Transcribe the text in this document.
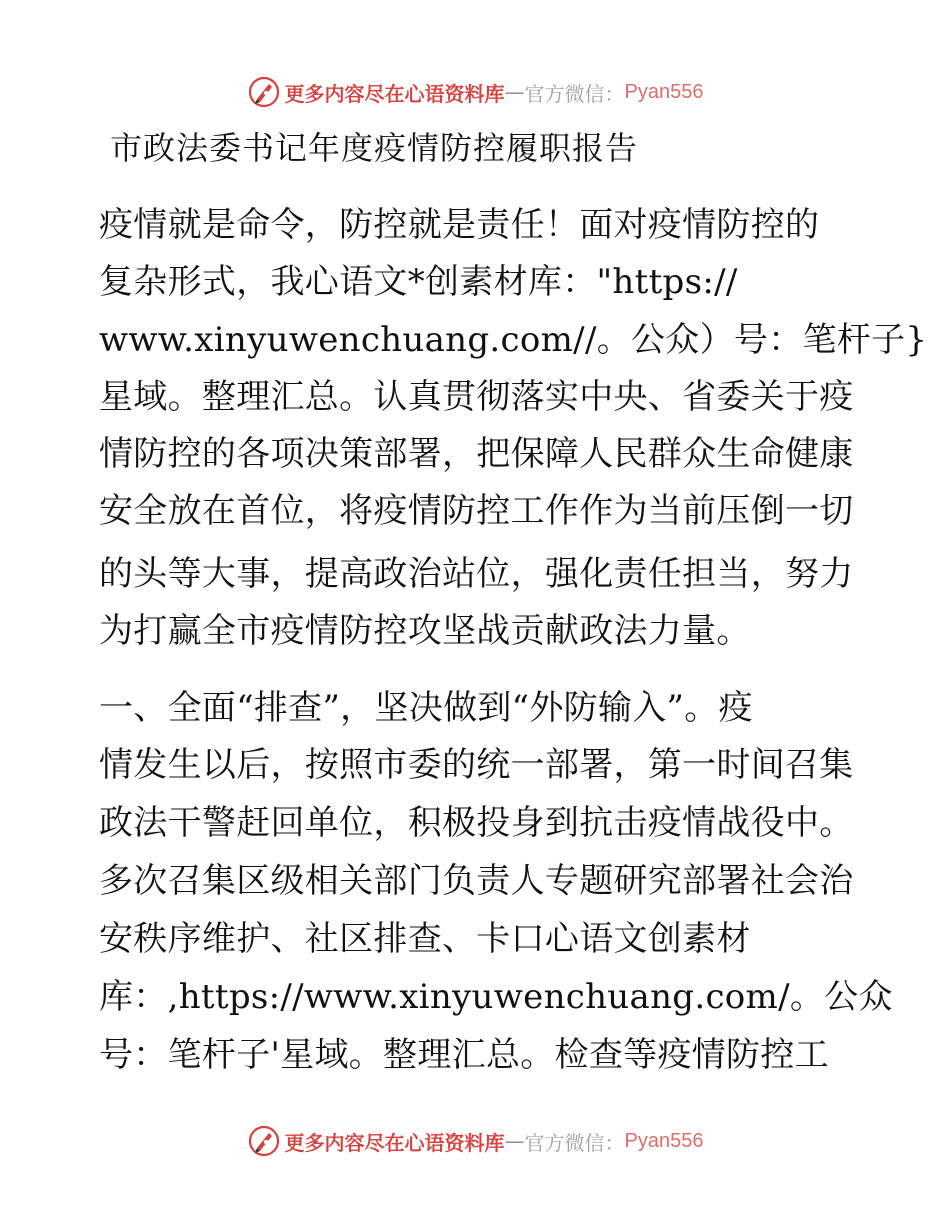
更多内容尽在心语资料库 — 官方微信： Pyan556
市政法委书记年度疫情防控履职报告
疫情就是命令，防控就是责任！面对疫情防控的
复杂形式，我心语文*创素材库："https://
www.xinyuwenchuang.com//。公众）号：笔杆子}
星域。整理汇总。认真贯彻落实中央、省委关于疫
情防控的各项决策部署，把保障人民群众生命健康
安全放在首位，将疫情防控工作作为当前压倒一切
的头等大事，提高政治站位，强化责任担当，努力
为打赢全市疫情防控攻坚战贡献政法力量。
一、全面“排查”，坚决做到“外防输入”。疫
情发生以后，按照市委的统一部署，第一时间召集
政法干警赶回单位，积极投身到抗击疫情战役中。
多次召集区级相关部门负责人专题研究部署社会治
安秩序维护、社区排查、卡口心语文创素材
库：,https://www.xinyuwenchuang.com/。公众
号：笔杆子'星域。整理汇总。检查等疫情防控工
更多内容尽在心语资料库 — 官方微信： Pyan556
